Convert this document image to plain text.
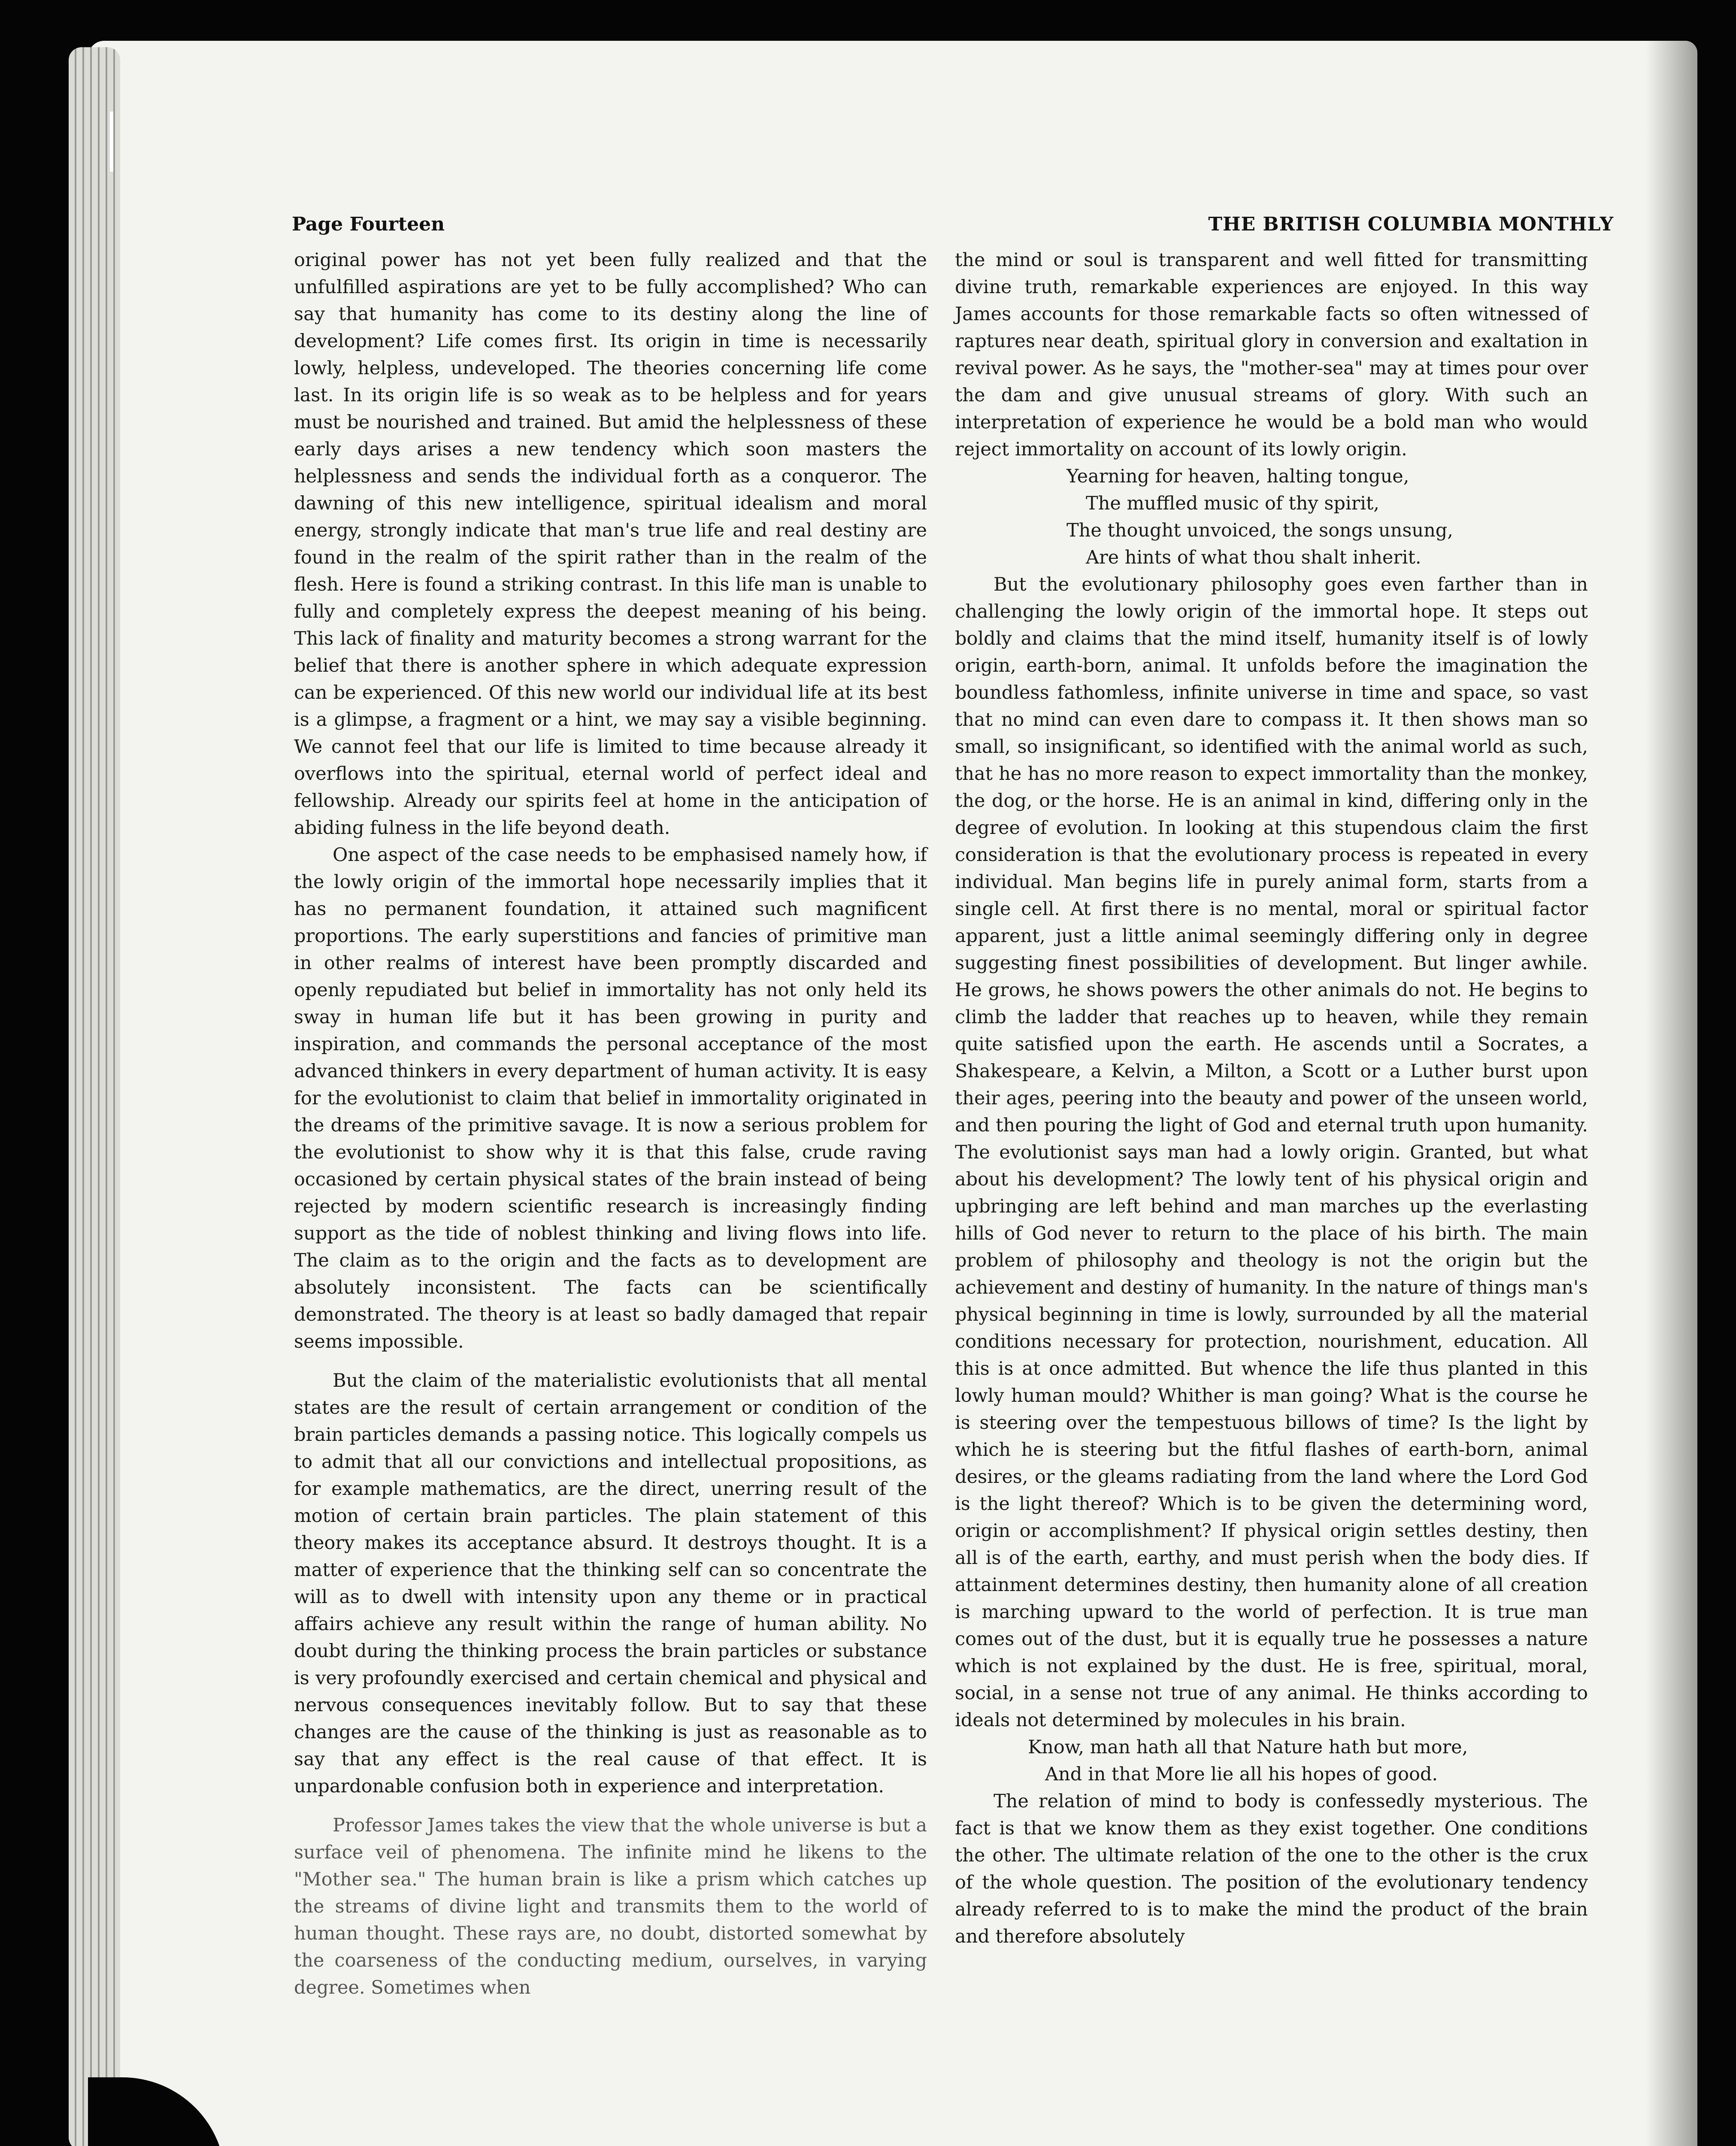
Page Fourteen	THE BRITISH COLUMBIA MONTHLY

original power has not yet been fully realized and that the unfulfilled aspirations are yet to be fully accomplished? Who can say that humanity has come to its destiny along the line of development? Life comes first. Its origin in time is necessarily lowly, helpless, undeveloped. The theories concerning life come last. In its origin life is so weak as to be helpless and for years must be nourished and trained. But amid the helplessness of these early days arises a new tendency which soon masters the helplessness and sends the individual forth as a conqueror. The dawning of this new intelligence, spiritual idealism and moral energy, strongly indicate that man's true life and real destiny are found in the realm of the spirit rather than in the realm of the flesh. Here is found a striking contrast. In this life man is unable to fully and completely express the deepest meaning of his being. This lack of finality and maturity becomes a strong warrant for the belief that there is another sphere in which adequate expression can be experienced. Of this new world our individual life at its best is a glimpse, a fragment or a hint, we may say a visible beginning. We cannot feel that our life is limited to time because already it overflows into the spiritual, eternal world of perfect ideal and fellowship. Already our spirits feel at home in the anticipation of abiding fulness in the life beyond death.

One aspect of the case needs to be emphasised namely how, if the lowly origin of the immortal hope necessarily implies that it has no permanent foundation, it attained such magnificent proportions. The early superstitions and fancies of primitive man in other realms of interest have been promptly discarded and openly repudiated but belief in immortality has not only held its sway in human life but it has been growing in purity and inspiration, and commands the personal acceptance of the most advanced thinkers in every department of human activity. It is easy for the evolutionist to claim that belief in immortality originated in the dreams of the primitive savage. It is now a serious problem for the evolutionist to show why it is that this false, crude raving occasioned by certain physical states of the brain instead of being rejected by modern scientific research is increasingly finding support as the tide of noblest thinking and living flows into life. The claim as to the origin and the facts as to development are absolutely inconsistent. The facts can be scientifically demonstrated. The theory is at least so badly damaged that repair seems impossible.

But the claim of the materialistic evolutionists that all mental states are the result of certain arrangement or condition of the brain particles demands a passing notice. This logically compels us to admit that all our convictions and intellectual propositions, as for example mathematics, are the direct, unerring result of the motion of certain brain particles. The plain statement of this theory makes its acceptance absurd. It destroys thought. It is a matter of experience that the thinking self can so concentrate the will as to dwell with intensity upon any theme or in practical affairs achieve any result within the range of human ability. No doubt during the thinking process the brain particles or substance is very profoundly exercised and certain chemical and physical and nervous consequences inevitably follow. But to say that these changes are the cause of the thinking is just as reasonable as to say that any effect is the real cause of that effect. It is unpardonable confusion both in experience and interpretation.

Professor James takes the view that the whole universe is but a surface veil of phenomena. The infinite mind he likens to the "Mother sea." The human brain is like a prism which catches up the streams of divine light and transmits them to the world of human thought. These rays are, no doubt, distorted somewhat by the coarseness of the conducting medium, ourselves, in varying degree. Sometimes when

the mind or soul is transparent and well fitted for transmitting divine truth, remarkable experiences are enjoyed. In this way James accounts for those remarkable facts so often witnessed of raptures near death, spiritual glory in conversion and exaltation in revival power. As he says, the "mother-sea" may at times pour over the dam and give unusual streams of glory. With such an interpretation of experience he would be a bold man who would reject immortality on account of its lowly origin.

Yearning for heaven, halting tongue,
The muffled music of thy spirit,
The thought unvoiced, the songs unsung,
Are hints of what thou shalt inherit.

But the evolutionary philosophy goes even farther than in challenging the lowly origin of the immortal hope. It steps out boldly and claims that the mind itself, humanity itself is of lowly origin, earth-born, animal. It unfolds before the imagination the boundless fathomless, infinite universe in time and space, so vast that no mind can even dare to compass it. It then shows man so small, so insignificant, so identified with the animal world as such, that he has no more reason to expect immortality than the monkey, the dog, or the horse. He is an animal in kind, differing only in the degree of evolution. In looking at this stupendous claim the first consideration is that the evolutionary process is repeated in every individual. Man begins life in purely animal form, starts from a single cell. At first there is no mental, moral or spiritual factor apparent, just a little animal seemingly differing only in degree suggesting finest possibilities of development. But linger awhile. He grows, he shows powers the other animals do not. He begins to climb the ladder that reaches up to heaven, while they remain quite satisfied upon the earth. He ascends until a Socrates, a Shakespeare, a Kelvin, a Milton, a Scott or a Luther burst upon their ages, peering into the beauty and power of the unseen world, and then pouring the light of God and eternal truth upon humanity. The evolutionist says man had a lowly origin. Granted, but what about his development? The lowly tent of his physical origin and upbringing are left behind and man marches up the everlasting hills of God never to return to the place of his birth. The main problem of philosophy and theology is not the origin but the achievement and destiny of humanity. In the nature of things man's physical beginning in time is lowly, surrounded by all the material conditions necessary for protection, nourishment, education. All this is at once admitted. But whence the life thus planted in this lowly human mould? Whither is man going? What is the course he is steering over the tempestuous billows of time? Is the light by which he is steering but the fitful flashes of earth-born, animal desires, or the gleams radiating from the land where the Lord God is the light thereof? Which is to be given the determining word, origin or accomplishment? If physical origin settles destiny, then all is of the earth, earthy, and must perish when the body dies. If attainment determines destiny, then humanity alone of all creation is marching upward to the world of perfection. It is true man comes out of the dust, but it is equally true he possesses a nature which is not explained by the dust. He is free, spiritual, moral, social, in a sense not true of any animal. He thinks according to ideals not determined by molecules in his brain.

Know, man hath all that Nature hath but more,
And in that More lie all his hopes of good.

The relation of mind to body is confessedly mysterious. The fact is that we know them as they exist together. One conditions the other. The ultimate relation of the one to the other is the crux of the whole question. The position of the evolutionary tendency already referred to is to make the mind the product of the brain and therefore absolutely
